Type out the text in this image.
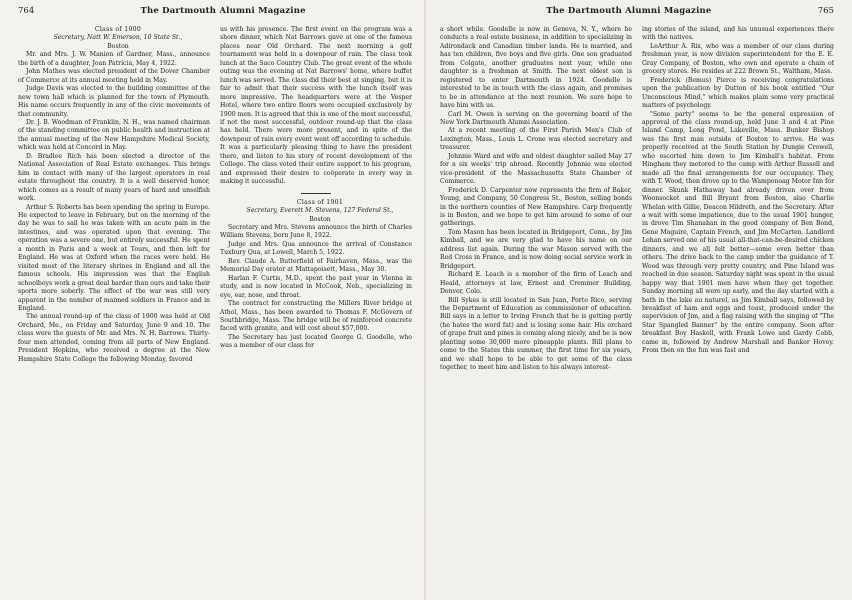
764	The Dartmouth Alumni Magazine

Class of 1900

Secretary, Natt W. Emerson, 10 State St.,

Boston

Mr. and Mrs. J. W. Manion of Gardner, Mass., announce the birth of a daughter, Joan Patricia, May 4, 1922.

John Mathes was elected president of the Dover Chamber of Commerce at its annual meeting held in May.

Judge Davis was elected to the building committee of the new town hall which is planned for the town of Plymouth. His name occurs frequently in any of the civic movements of that community.

Dr. J. B. Woodman of Franklin, N. H., was named chairman of the standing committee on public health and instruction at the annual meeting of the New Hampshire Medical Society, which was held at Concord in May.

D. Bradlee Rich has been elected a director of the National Association of Real Estate exchanges. This brings him in contact with many of the largest operators in real estate throughout the country. It is a well deserved honor, which comes as a result of many years of hard and unselfish work.

Arthur S. Roberts has been spending the spring in Europe. He expected to leave in February, but on the morning of the day he was to sail he was taken with an acute pain in the intestines, and was operated upon that evening. The operation was a severe one, but entirely successful. He spent a month in Paris and a week at Tours, and then left for England. He was at Oxford when the races were held. He visited most of the literary shrines in England and all the famous schools. His impression was that the English schoolboys work a great deal harder than ours and take their sports more soberly. The effect of the war was still very apparent in the number of maimed soldiers in France and in England.

The annual round-up of the class of 1900 was held at Old Orchard, Me., on Friday and Saturday, June 9 and 10. The class were the guests of Mr. and Mrs. N. H. Barrows. Thirty-four men attended, coming from all parts of New England. President Hopkins, who received a degree at the New Hampshire State College the following Monday, favored

us with his presence. The first event on the program was a shore dinner, which Nat Barrows gave at one of the famous places near Old Orchard. The next morning a golf tournament was held in a downpour of rain. The class took lunch at the Saco Country Club. The great event of the whole outing was the evening at Nat Barrows' home, where buffet lunch was served. The class did their best at singing, but it is fair to admit that their success with the lunch itself was more impressive. The headquarters were at the Vesper Hotel, where two entire floors were occupied exclusively by 1900 men. It is agreed that this is one of the most successful, if not the most successful, outdoor round-up that the class has held. There were more present, and in spite of the downpour of rain every event went off according to schedule. It was a particularly pleasing thing to have the president there, and listen to his story of recent development of the College. The class voted their entire support to his program, and expressed their desire to coöperate in every way in making it successful.

Class of 1901

Secretary, Everett M. Stevens, 127 Federal St.,

Boston

Secretary and Mrs. Stevens announce the birth of Charles William Stevens, born June 8, 1922.

Judge and Mrs. Qua announce the arrival of Constance Tuxbury Qua, at Lowell, March 5, 1922.

Rev. Claude A. Butterfield of Fairhaven, Mass., was the Memorial Day orator at Mattapoisett, Mass., May 30.

Harlan F. Curtis, M.D., spent the past year in Vienna in study, and is now located in McCook, Neb., specializing in eye, ear, nose, and throat.

The contract for constructing the Millers River bridge at Athol, Mass., has been awarded to Thomas F. McGovern of Southbridge, Mass. The bridge will be of reinforced concrete faced with granite, and will cost about $57,000.

The Secretary has just located George G. Goodelle, who was a member of our class for

The Dartmouth Alumni Magazine	765

a short while. Goodelle is now in Geneva, N. Y., where he conducts a real estate business, in addition to specializing in Adirondack and Canadian timber lands. He is married, and has ten children, five boys and five girls. One son graduated from Colgate, another graduates next year, while one daughter is a freshman at Smith. The next oldest son is registered to enter Dartmouth in 1924. Goodelle is interested to be in touch with the class again, and promises to be in attendance at the next reunion. We sure hope to have him with us.

Carl M. Owen is serving on the governing board of the New York Dartmouth Alumni Association.

At a recent meeting of the First Parish Men's Club of Lexington, Mass., Louis L. Crone was elected secretary and treasurer.

Johnnie Ward and wife and oldest daughter sailed May 27 for a six weeks' trip abroad. Recently Johnnie was elected vice-president of the Massachusetts State Chamber of Commerce.

Frederick D. Carpenter now represents the firm of Baker, Young, and Company, 50 Congress St., Boston, selling bonds in the northern counties of New Hampshire. Carp frequently is in Boston, and we hope to get him around to some of our gatherings.

Tom Mason has been located in Bridgeport, Conn., by Jim Kimball, and we are very glad to have his name on our address list again. During the war Mason served with the Red Cross in France, and is now doing social service work in Bridgeport.

Richard E. Leach is a member of the firm of Leach and Heald, attorneys at law, Ernest and Cremmer Building, Denver, Colo.

Bill Sykes is still located in San Juan, Porto Rico, serving the Department of Education as commissioner of education. Bill says in a letter to Irving French that he is getting portly (he hates the word fat) and is losing some hair. His orchard of grape fruit and pines is coming along nicely, and he is now planting some 30,000 more pineapple plants. Bill plans to come to the States this summer, the first time for six years, and we shall hope to be able to get some of the class together, to meet him and listen to his always interest-

ing stories of the island, and his unusual experiences there with the natives.

LeArthur A. Rix, who was a member of our class during freshman year, is now division superintendent for the E. E. Gray Company, of Boston, who own and operate a chain of grocery stores. He resides at 222 Brown St., Waltham, Mass.

Frederick (Bemus) Pierce is receiving congratulations upon the publication by Dutton of his book entitled "Our Unconscious Mind," which makes plain some very practical matters of psychology.

"Some party" seems to be the general expression of approval of the class round-up, held June 3 and 4 at Pine Island Camp, Long Pond, Lakeville, Mass. Bunker Bishop was the first man outside of Boston to arrive. He was properly received at the South Station by Dungie Crowell, who escorted him down to Jim Kimball's habitat. From Hingham they motored to the camp with Arthur Russell and made all the final arrangements for our occupancy. They, with T. Wood, then drove up to the Wamponoag Motor Inn for dinner. Skunk Hathaway had already driven over from Woonsocket and Bill Bryant from Boston, also Charlie Whelan with Gillie, Deacon Hildreth, and the Secretary. After a wait with some impatience, due to the usual 1901 hunger, in drove Tim Shanahan in the good company of Ben Bond, Gene Maguire, Captain French, and Jim McCarten. Landlord Lehan served one of his usual all-that-can-be-desired chicken dinners, and we all felt better—some even better than others. The drive back to the camp under the guidance of T. Wood was through very pretty country, and Pine Island was reached in due season. Saturday night was spent in the usual happy way that 1901 men have when they get together. Sunday morning all were up early, and the day started with a bath in the lake au naturel, as Jim Kimball says, followed by breakfast of ham and eggs and toast, produced under the supervision of Jim, and a flag raising with the singing of "The Star Spangled Banner" by the entire company. Soon after breakfast Boy Haskell, with Frank Lowe and Gardy Cobb, came in, followed by Andrew Marshall and Banker Hovey. From then on the fun was fast and
